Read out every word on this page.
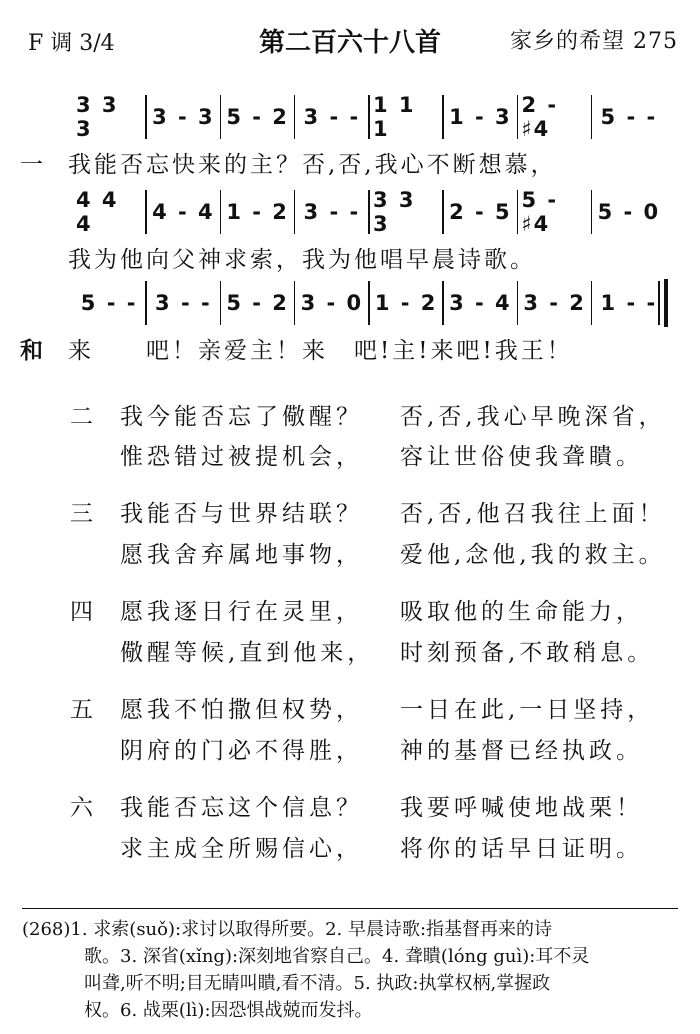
F 调 3/4	第二百六十八首	家乡的希望 275
3 3 3	3 - 3 5 - 2 3 - - 1 1 1	1 - 3 2 - ♯4	5 - -
一 我能否忘快来的主？否,否,我心不断想慕，
4 4 4	4 - 4 1 - 2 3 - - 3 3 3	2 - 5 5 - ♯4	5 - 0
我为他向父神求索，我为他唱早晨诗歌。
5 - - 3 - - 5 - 2 3 - 0 1 - 2 3 - 4 3 - 2 1 - -
和 来　　吧！亲爱主！来　吧!主!来吧!我王！
二 我今能否忘了儆醒？ 否,否,我心早晚深省，
惟恐错过被提机会， 容让世俗使我聋瞶。
三 我能否与世界结联？ 否,否,他召我往上面！
愿我舍弃属地事物， 爱他,念他,我的救主。
四 愿我逐日行在灵里， 吸取他的生命能力，
儆醒等候,直到他来， 时刻预备,不敢稍息。
五 愿我不怕撒但权势， 一日在此,一日坚持，
阴府的门必不得胜， 神的基督已经执政。
六 我能否忘这个信息？ 我要呼喊使地战栗！
求主成全所赐信心， 将你的话早日证明。
(268)1. 求索(suǒ):求讨以取得所要。2. 早晨诗歌:指基督再来的诗
歌。3. 深省(xǐng):深刻地省察自己。4. 聋瞶(lóng guì):耳不灵
叫聋,听不明;目无睛叫瞶,看不清。5. 执政:执掌权柄,掌握政
权。6. 战栗(lì):因恐惧战兢而发抖。
